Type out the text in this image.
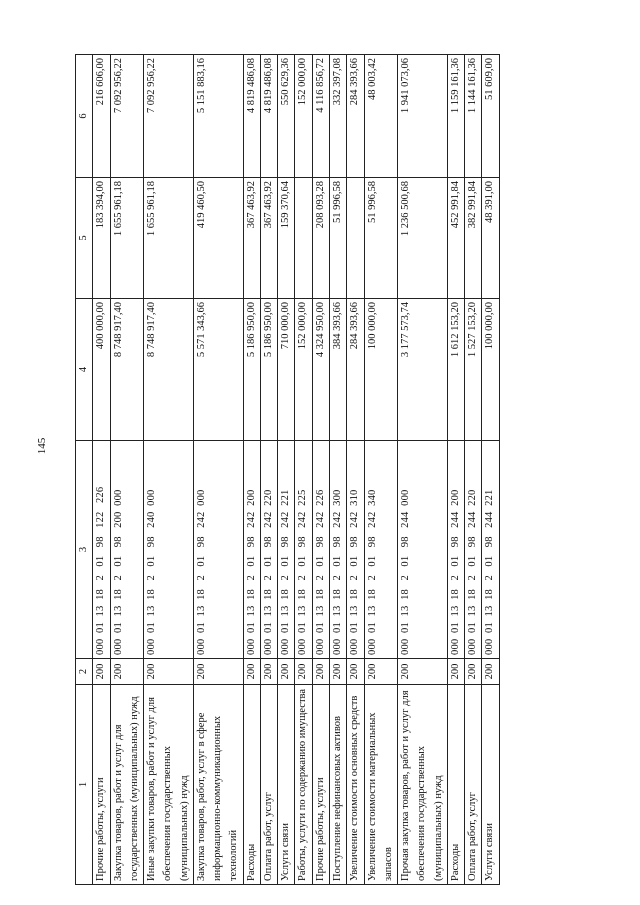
145
1	2	3	4	5	6
Прочие работы, услуги	200	000  01  13  18   2   01   98   122   226	400 000,00	183 394,00	216 606,00
Закупка товаров, работ и услуг для государственных (муниципальных) нужд	200	000  01  13  18   2   01   98   200  000	8 748 917,40	1 655 961,18	7 092 956,22
Иные закупки товаров, работ и услуг для обеспечения государственных (муниципальных) нужд	200	000  01  13  18   2   01   98   240  000	8 748 917,40	1 655 961,18	7 092 956,22
Закупка товаров, работ, услуг в сфере информационно-коммуникационных технологий	200	000  01  13  18   2   01   98   242  000	5 571 343,66	419 460,50	5 151 883,16
Расходы	200	000  01  13  18   2   01   98   242  200	5 186 950,00	367 463,92	4 819 486,08
Оплата работ, услуг	200	000  01  13  18   2   01   98   242  220	5 186 950,00	367 463,92	4 819 486,08
Услуги связи	200	000  01  13  18   2   01   98   242  221	710 000,00	159 370,64	550 629,36
Работы, услуги по содержанию имущества	200	000  01  13  18   2   01   98   242  225	152 000,00		152 000,00
Прочие работы, услуги	200	000  01  13  18   2   01   98   242  226	4 324 950,00	208 093,28	4 116 856,72
Поступление нефинансовых активов	200	000  01  13  18   2   01   98   242  300	384 393,66	51 996,58	332 397,08
Увеличение стоимости основных средств	200	000  01  13  18   2   01   98   242  310	284 393,66		284 393,66
Увеличение стоимости материальных запасов	200	000  01  13  18   2   01   98   242  340	100 000,00	51 996,58	48 003,42
Прочая закупка товаров, работ и услуг для обеспечения государственных (муниципальных) нужд	200	000  01  13  18   2   01   98   244  000	3 177 573,74	1 236 500,68	1 941 073,06
Расходы	200	000  01  13  18   2   01   98   244  200	1 612 153,20	452 991,84	1 159 161,36
Оплата работ, услуг	200	000  01  13  18   2   01   98   244  220	1 527 153,20	382 991,84	1 144 161,36
Услуги связи	200	000  01  13  18   2   01   98   244  221	100 000,00	48 391,00	51 609,00
